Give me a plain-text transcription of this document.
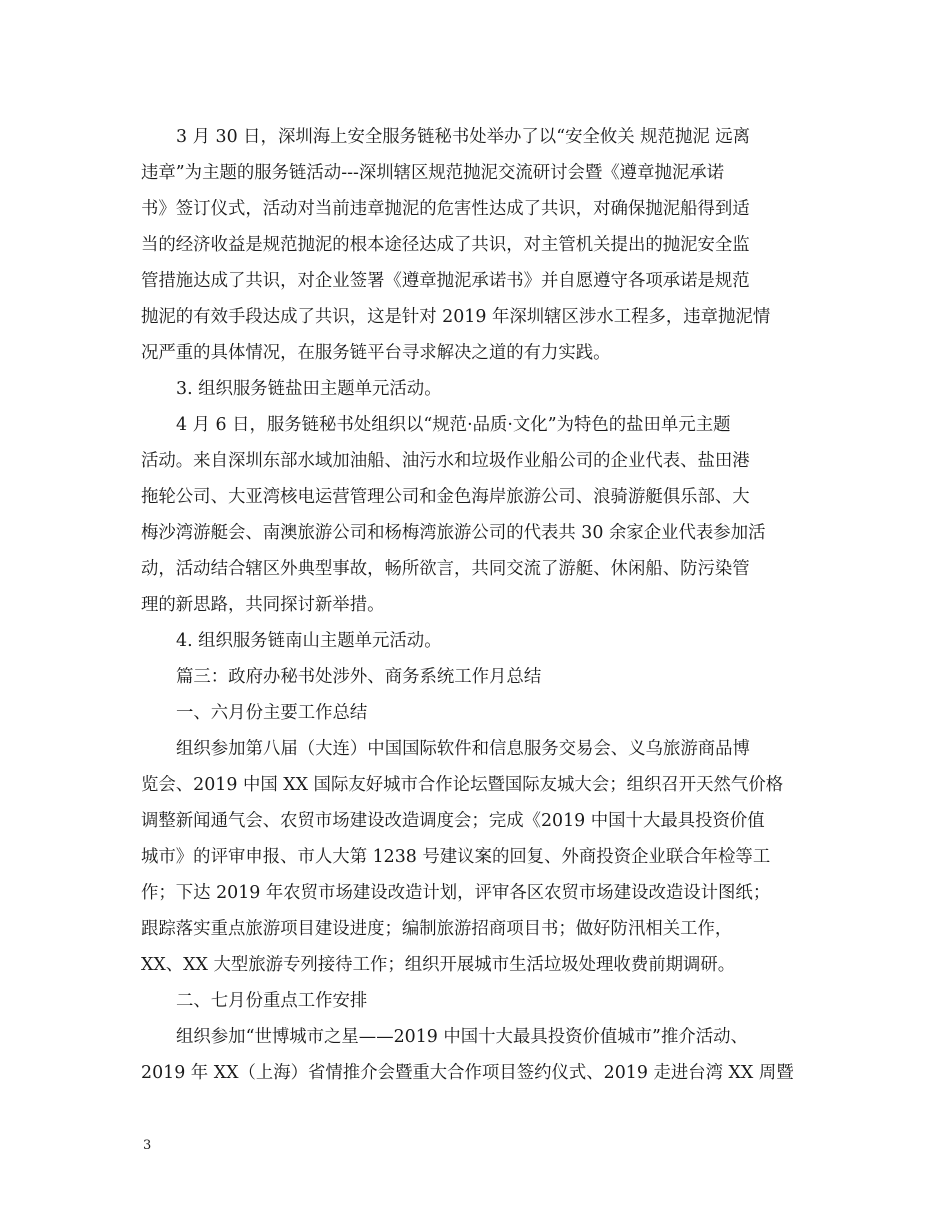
3 月 30 日，深圳海上安全服务链秘书处举办了以“安全攸关 规范抛泥 远离

违章”为主题的服务链活动---深圳辖区规范抛泥交流研讨会暨《遵章抛泥承诺

书》签订仪式，活动对当前违章抛泥的危害性达成了共识，对确保抛泥船得到适

当的经济收益是规范抛泥的根本途径达成了共识，对主管机关提出的抛泥安全监

管措施达成了共识，对企业签署《遵章抛泥承诺书》并自愿遵守各项承诺是规范

抛泥的有效手段达成了共识，这是针对 2019 年深圳辖区涉水工程多，违章抛泥情

况严重的具体情况，在服务链平台寻求解决之道的有力实践。

3. 组织服务链盐田主题单元活动。

4 月 6 日，服务链秘书处组织以“规范·品质·文化”为特色的盐田单元主题

活动。来自深圳东部水域加油船、油污水和垃圾作业船公司的企业代表、盐田港

拖轮公司、大亚湾核电运营管理公司和金色海岸旅游公司、浪骑游艇俱乐部、大

梅沙湾游艇会、南澳旅游公司和杨梅湾旅游公司的代表共 30 余家企业代表参加活

动，活动结合辖区外典型事故，畅所欲言，共同交流了游艇、休闲船、防污染管

理的新思路，共同探讨新举措。

4. 组织服务链南山主题单元活动。

篇三：政府办秘书处涉外、商务系统工作月总结

一、六月份主要工作总结

组织参加第八届（大连）中国国际软件和信息服务交易会、义乌旅游商品博

览会、2019 中国 XX 国际友好城市合作论坛暨国际友城大会；组织召开天然气价格

调整新闻通气会、农贸市场建设改造调度会；完成《2019 中国十大最具投资价值

城市》的评审申报、市人大第 1238 号建议案的回复、外商投资企业联合年检等工

作；下达 2019 年农贸市场建设改造计划，评审各区农贸市场建设改造设计图纸；

跟踪落实重点旅游项目建设进度；编制旅游招商项目书；做好防汛相关工作，

XX、XX 大型旅游专列接待工作；组织开展城市生活垃圾处理收费前期调研。

二、七月份重点工作安排

组织参加“世博城市之星——2019 中国十大最具投资价值城市”推介活动、

2019 年 XX（上海）省情推介会暨重大合作项目签约仪式、2019 走进台湾 XX 周暨

3
